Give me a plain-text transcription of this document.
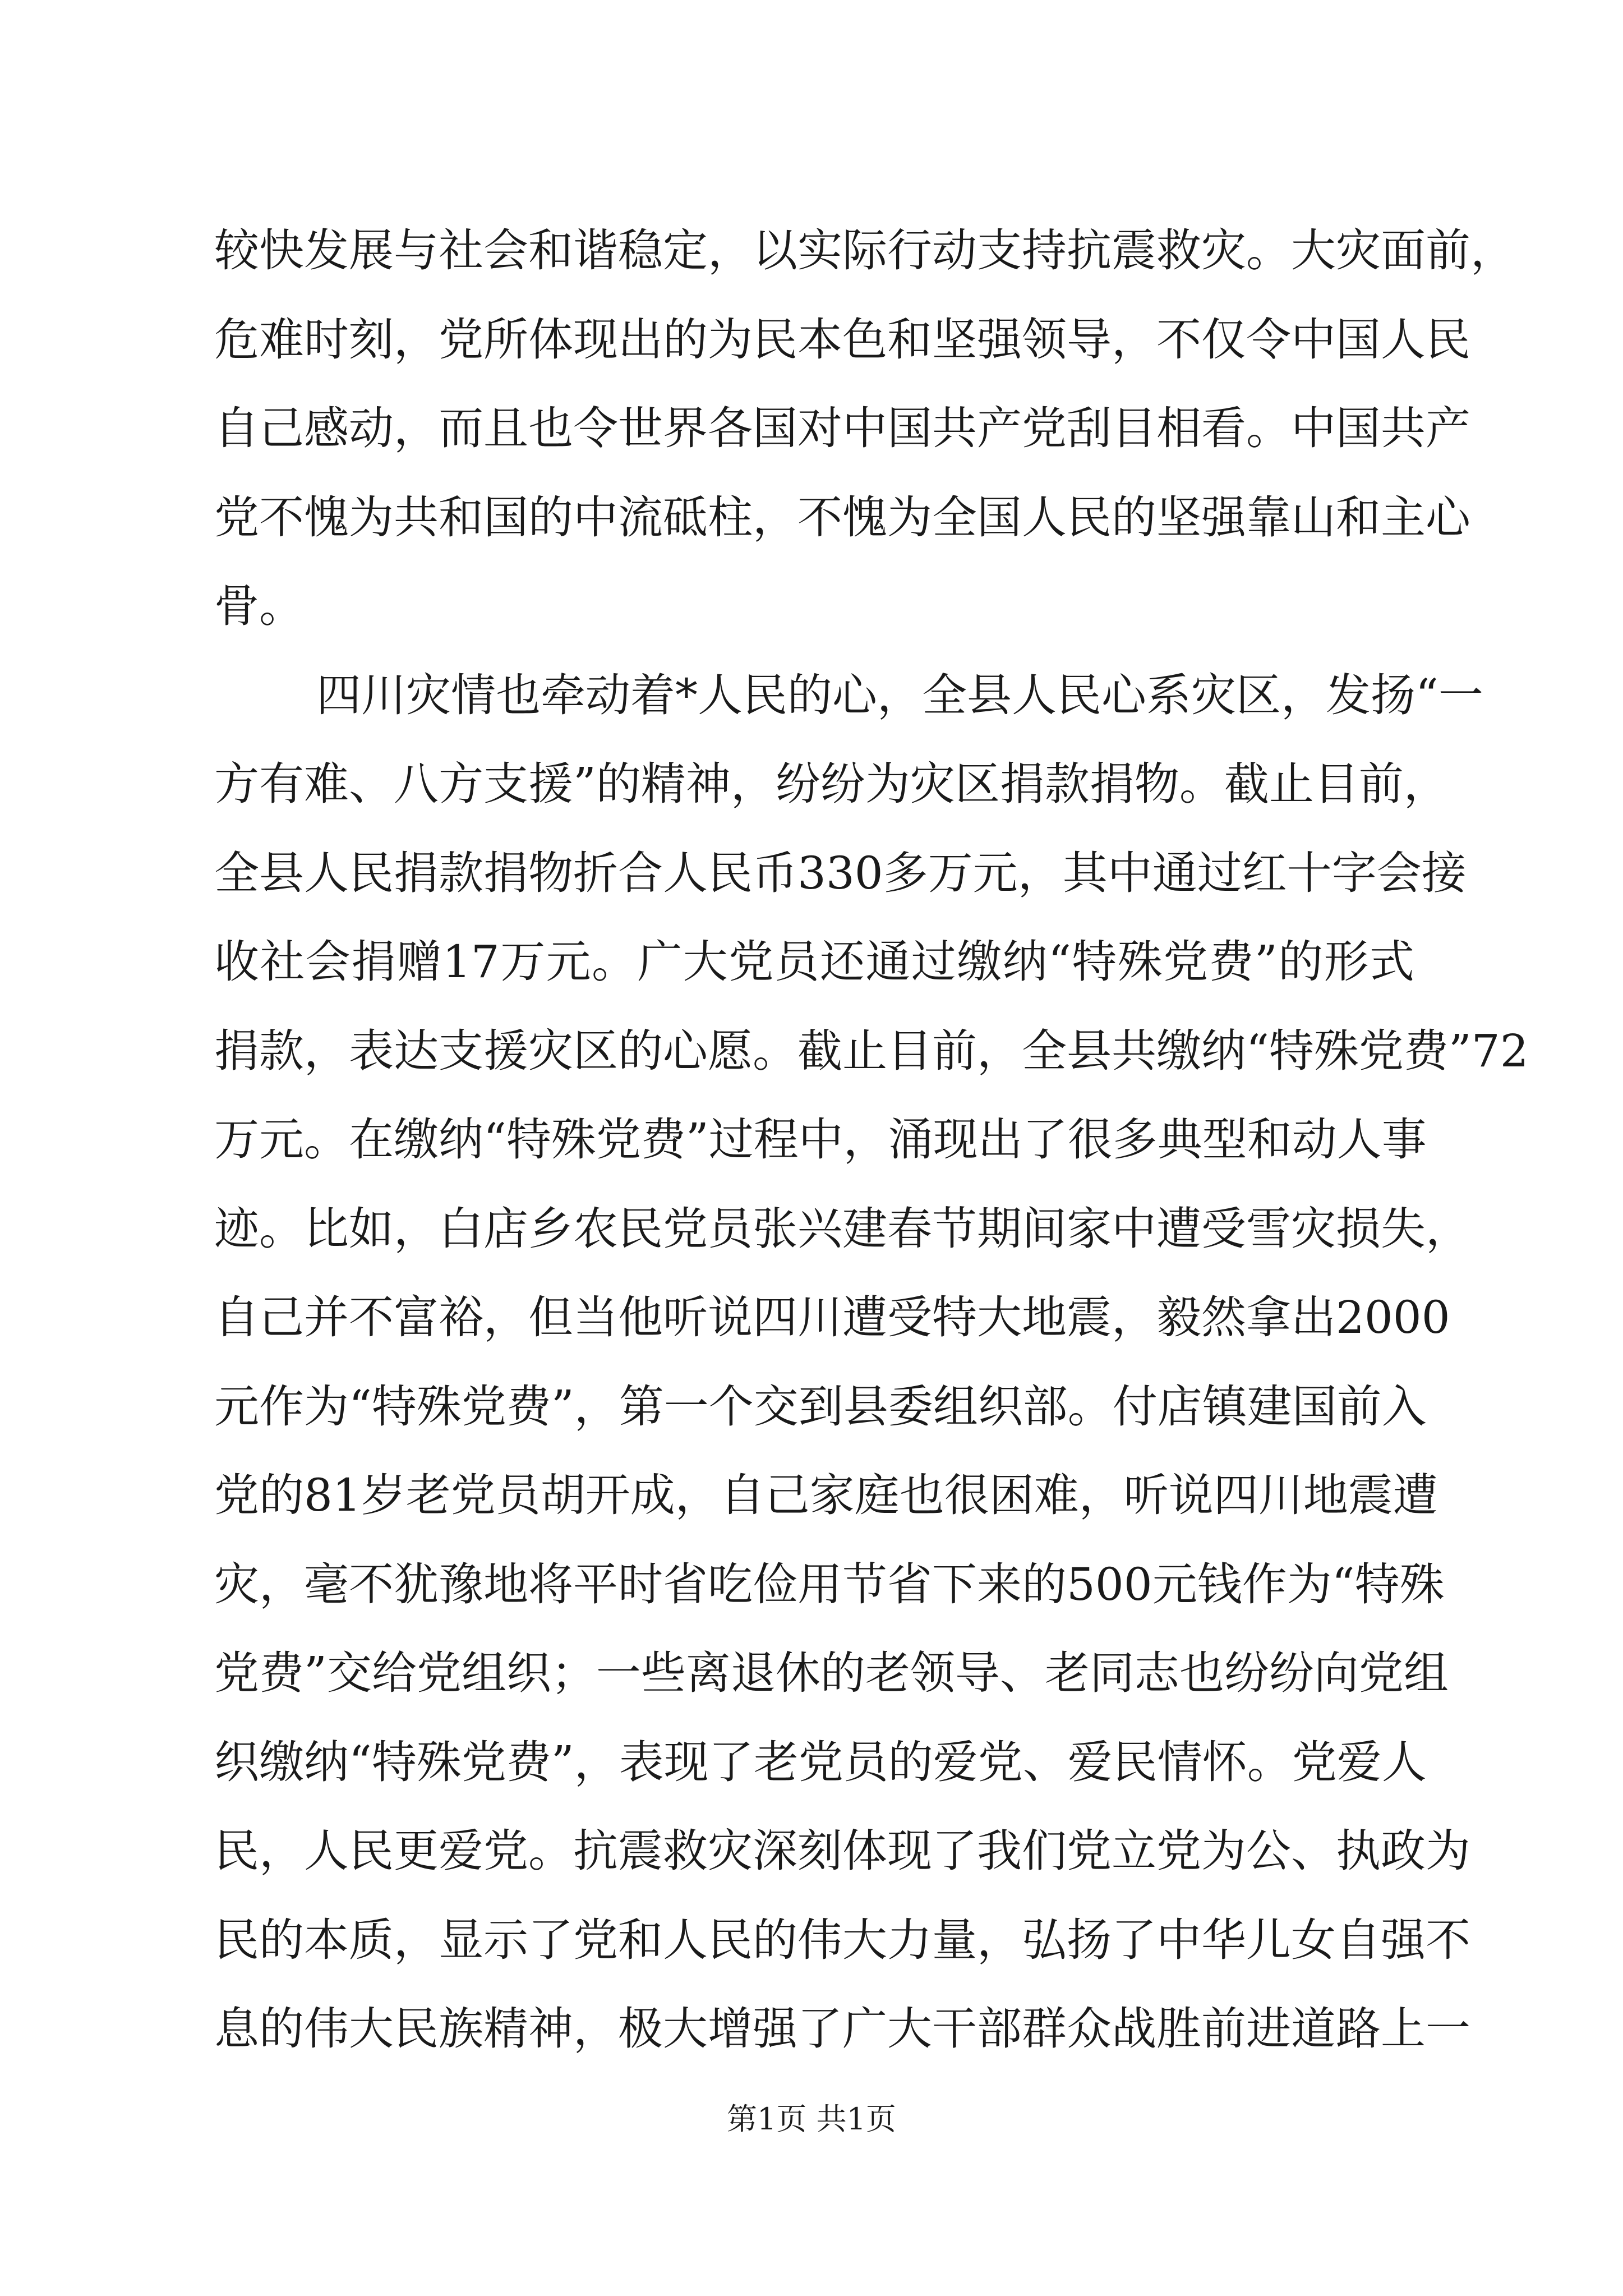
较快发展与社会和谐稳定，以实际行动支持抗震救灾。大灾面前，
危难时刻，党所体现出的为民本色和坚强领导，不仅令中国人民
自己感动，而且也令世界各国对中国共产党刮目相看。中国共产
党不愧为共和国的中流砥柱，不愧为全国人民的坚强靠山和主心
骨。
四川灾情也牵动着*人民的心，全县人民心系灾区，发扬“一
方有难、八方支援”的精神，纷纷为灾区捐款捐物。截止目前，
全县人民捐款捐物折合人民币330多万元，其中通过红十字会接
收社会捐赠17万元。广大党员还通过缴纳“特殊党费”的形式
捐款，表达支援灾区的心愿。截止目前，全县共缴纳“特殊党费”72
万元。在缴纳“特殊党费”过程中，涌现出了很多典型和动人事
迹。比如，白店乡农民党员张兴建春节期间家中遭受雪灾损失，
自己并不富裕，但当他听说四川遭受特大地震，毅然拿出2000
元作为“特殊党费”，第一个交到县委组织部。付店镇建国前入
党的81岁老党员胡开成，自己家庭也很困难，听说四川地震遭
灾，毫不犹豫地将平时省吃俭用节省下来的500元钱作为“特殊
党费”交给党组织；一些离退休的老领导、老同志也纷纷向党组
织缴纳“特殊党费”，表现了老党员的爱党、爱民情怀。党爱人
民，人民更爱党。抗震救灾深刻体现了我们党立党为公、执政为
民的本质，显示了党和人民的伟大力量，弘扬了中华儿女自强不
息的伟大民族精神，极大增强了广大干部群众战胜前进道路上一
第1页 共1页
